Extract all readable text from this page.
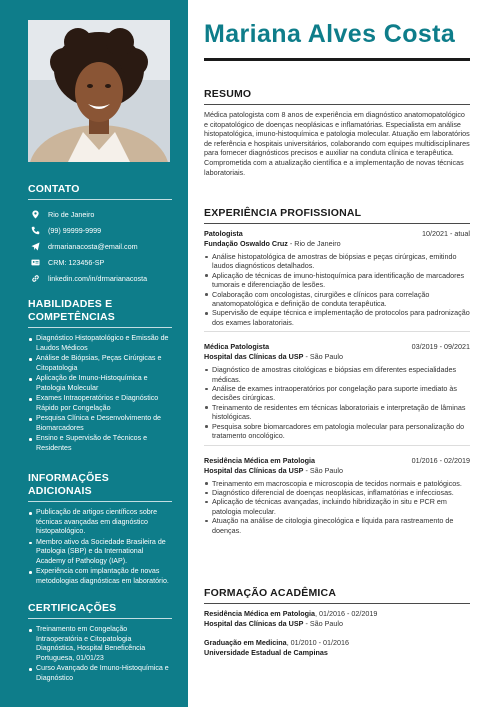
CONTATO
Rio de Janeiro
(99) 99999-9999
drmarianacosta@email.com
CRM: 123456-SP
linkedin.com/in/drmarianacosta
HABILIDADES E COMPETÊNCIAS
Diagnóstico Histopatológico e Emissão de Laudos Médicos
Análise de Biópsias, Peças Cirúrgicas e Citopatologia
Aplicação de Imuno-Histoquímica e Patologia Molecular
Exames Intraoperatórios e Diagnóstico Rápido por Congelação
Pesquisa Clínica e Desenvolvimento de Biomarcadores
Ensino e Supervisão de Técnicos e Residentes
INFORMAÇÕES ADICIONAIS
Publicação de artigos científicos sobre técnicas avançadas em diagnóstico histopatológico.
Membro ativo da Sociedade Brasileira de Patologia (SBP) e da International Academy of Pathology (IAP).
Experiência com implantação de novas metodologias diagnósticas em laboratório.
CERTIFICAÇÕES
Treinamento em Congelação Intraoperatória e Citopatologia Diagnóstica, Hospital Beneficência Portuguesa, 01/01/23
Curso Avançado de Imuno-Histoquímica e Diagnóstico
Mariana Alves Costa
RESUMO

Médica patologista com 8 anos de experiência em diagnóstico anatomopatológico e citopatológico de doenças neoplásicas e inflamatórias. Especialista em análise histopatológica, imuno-histoquímica e patologia molecular. Atuação em laboratórios de referência e hospitais universitários, colaborando com equipes multidisciplinares para fornecer diagnósticos precisos e auxiliar na conduta clínica e terapêutica. Comprometida com a atualização científica e a implementação de novas técnicas laboratoriais.

EXPERIÊNCIA PROFISSIONAL
Patologista	10/2021 - atual
Fundação Oswaldo Cruz - Rio de Janeiro
Análise histopatológica de amostras de biópsias e peças cirúrgicas, emitindo laudos diagnósticos detalhados.
Aplicação de técnicas de imuno-histoquímica para identificação de marcadores tumorais e diferenciação de lesões.
Colaboração com oncologistas, cirurgiões e clínicos para correlação anatomopatológica e definição de conduta terapêutica.
Supervisão de equipe técnica e implementação de protocolos para padronização dos exames laboratoriais.
Médica Patologista	03/2019 - 09/2021
Hospital das Clínicas da USP - São Paulo
Diagnóstico de amostras citológicas e biópsias em diferentes especialidades médicas.
Análise de exames intraoperatórios por congelação para suporte imediato às decisões cirúrgicas.
Treinamento de residentes em técnicas laboratoriais e interpretação de lâminas histológicas.
Pesquisa sobre biomarcadores em patologia molecular para personalização do tratamento oncológico.
Residência Médica em Patologia	01/2016 - 02/2019
Hospital das Clínicas da USP - São Paulo
Treinamento em macroscopia e microscopia de tecidos normais e patológicos.
Diagnóstico diferencial de doenças neoplásicas, inflamatórias e infecciosas.
Aplicação de técnicas avançadas, incluindo hibridização in situ e PCR em patologia molecular.
Atuação na análise de citologia ginecológica e líquida para rastreamento de doenças.
FORMAÇÃO ACADÊMICA
Residência Médica em Patologia, 01/2016 - 02/2019
Hospital das Clínicas da USP - São Paulo
Graduação em Medicina, 01/2010 - 01/2016
Universidade Estadual de Campinas
